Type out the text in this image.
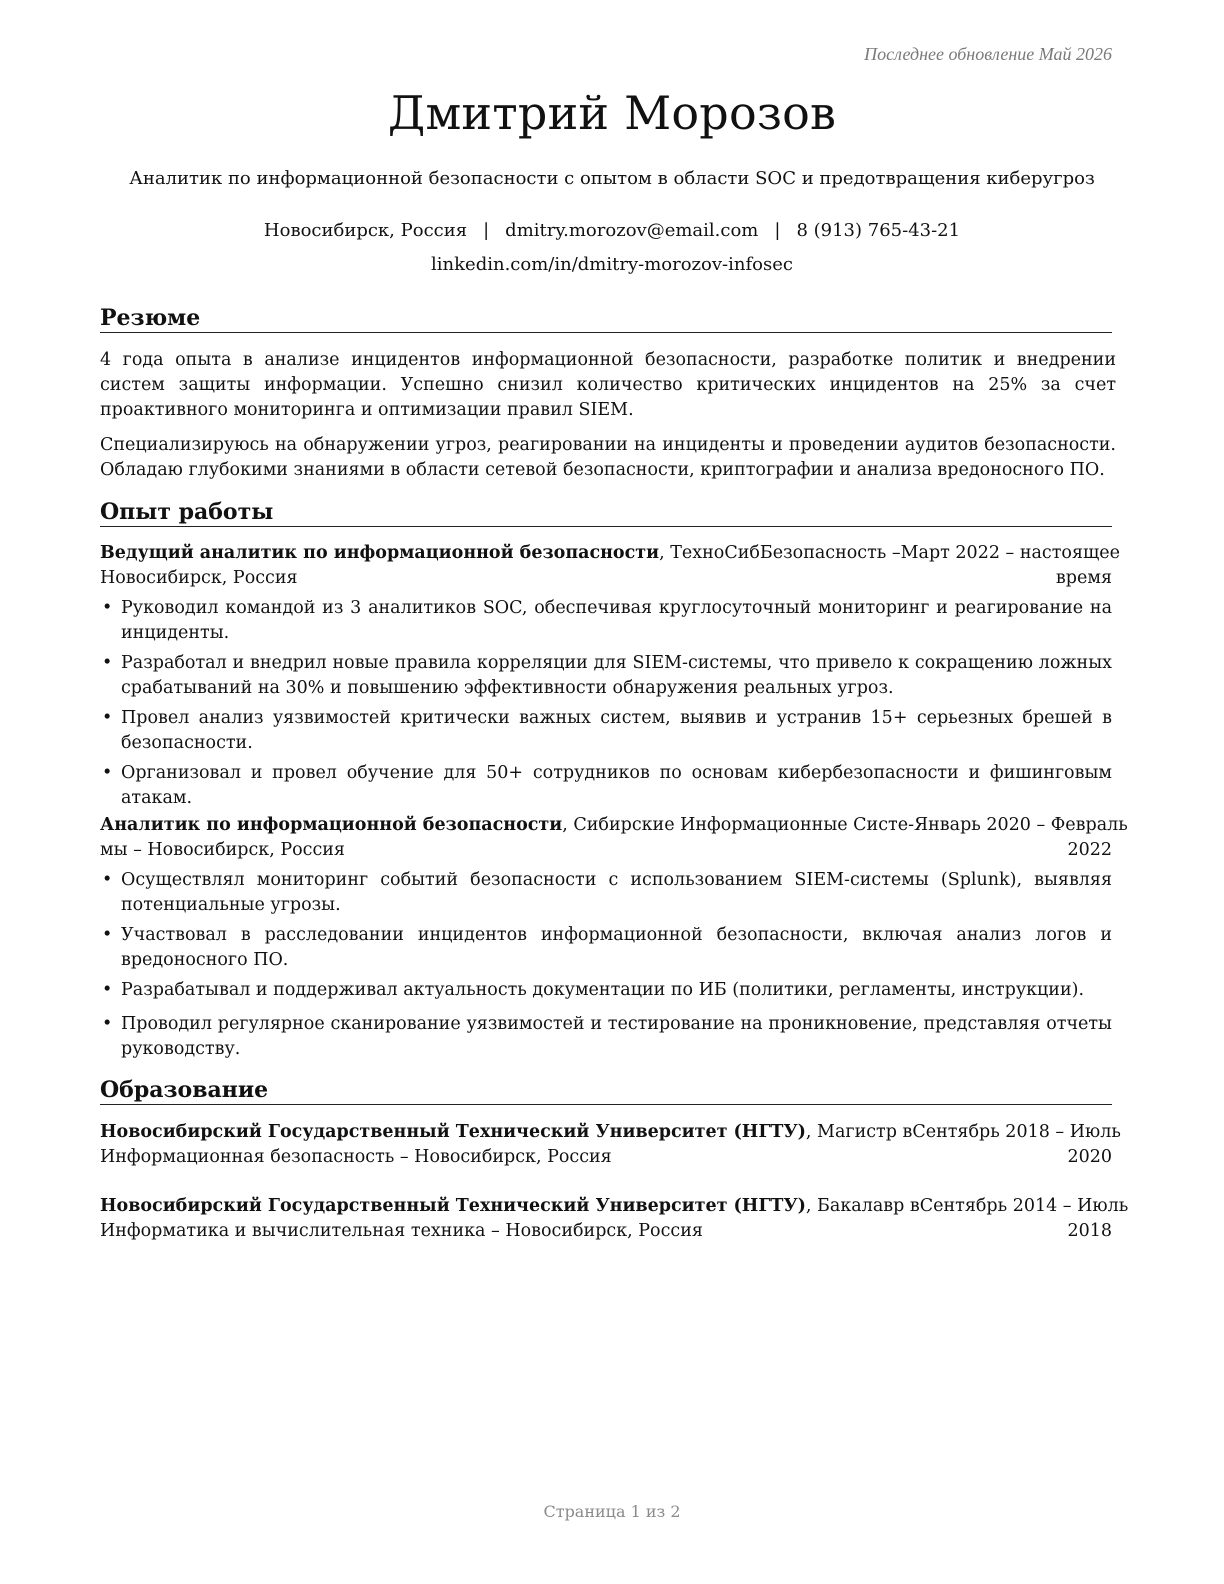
Последнее обновление Май 2026
Дмитрий Морозов
Аналитик по информационной безопасности с опытом в области SOC и предотвращения киберугроз
Новосибирск, Россия | dmitry.morozov@email.com | 8 (913) 765-43-21
linkedin.com/in/dmitry-morozov-infosec
Резюме

4 года опыта в анализе инцидентов информационной безопасности, разработке политик и внедрении систем защиты информации. Успешно снизил количество критических инцидентов на 25% за счет проактивного мониторинга и оптимизации правил SIEM.

Специализируюсь на обнаружении угроз, реагировании на инциденты и проведении аудитов безопасности. Обладаю глубокими знаниями в области сетевой безопасности, криптографии и анализа вредоносного ПО.

Опыт работы
Ведущий аналитик по информационной безопасности, ТехноСибБезопасность – Март 2022 – настоящее
Новосибирск, Россия	время
• Руководил командой из 3 аналитиков SOC, обеспечивая круглосуточный мониторинг и реагирование на инциденты.
• Разработал и внедрил новые правила корреляции для SIEM-системы, что привело к сокращению ложных срабатываний на 30% и повышению эффективности обнаружения реальных угроз.
• Провел анализ уязвимостей критически важных систем, выявив и устранив 15+ серьезных брешей в безопасности.
• Организовал и провел обучение для 50+ сотрудников по основам кибербезопасности и фишинговым атакам.
Аналитик по информационной безопасности, Сибирские Информационные Систе- Январь 2020 – Февраль
мы – Новосибирск, Россия	2022
• Осуществлял мониторинг событий безопасности с использованием SIEM-системы (Splunk), выявляя потенциальные угрозы.
• Участвовал в расследовании инцидентов информационной безопасности, включая анализ логов и вредоносного ПО.
• Разрабатывал и поддерживал актуальность документации по ИБ (политики, регламенты, инструкции).
• Проводил регулярное сканирование уязвимостей и тестирование на проникновение, представляя отчеты руководству.
Образование
Новосибирский Государственный Технический Университет (НГТУ), Магистр в Сентябрь 2018 – Июль
Информационная безопасность – Новосибирск, Россия	2020
Новосибирский Государственный Технический Университет (НГТУ), Бакалавр в Сентябрь 2014 – Июль
Информатика и вычислительная техника – Новосибирск, Россия	2018
Страница 1 из 2
